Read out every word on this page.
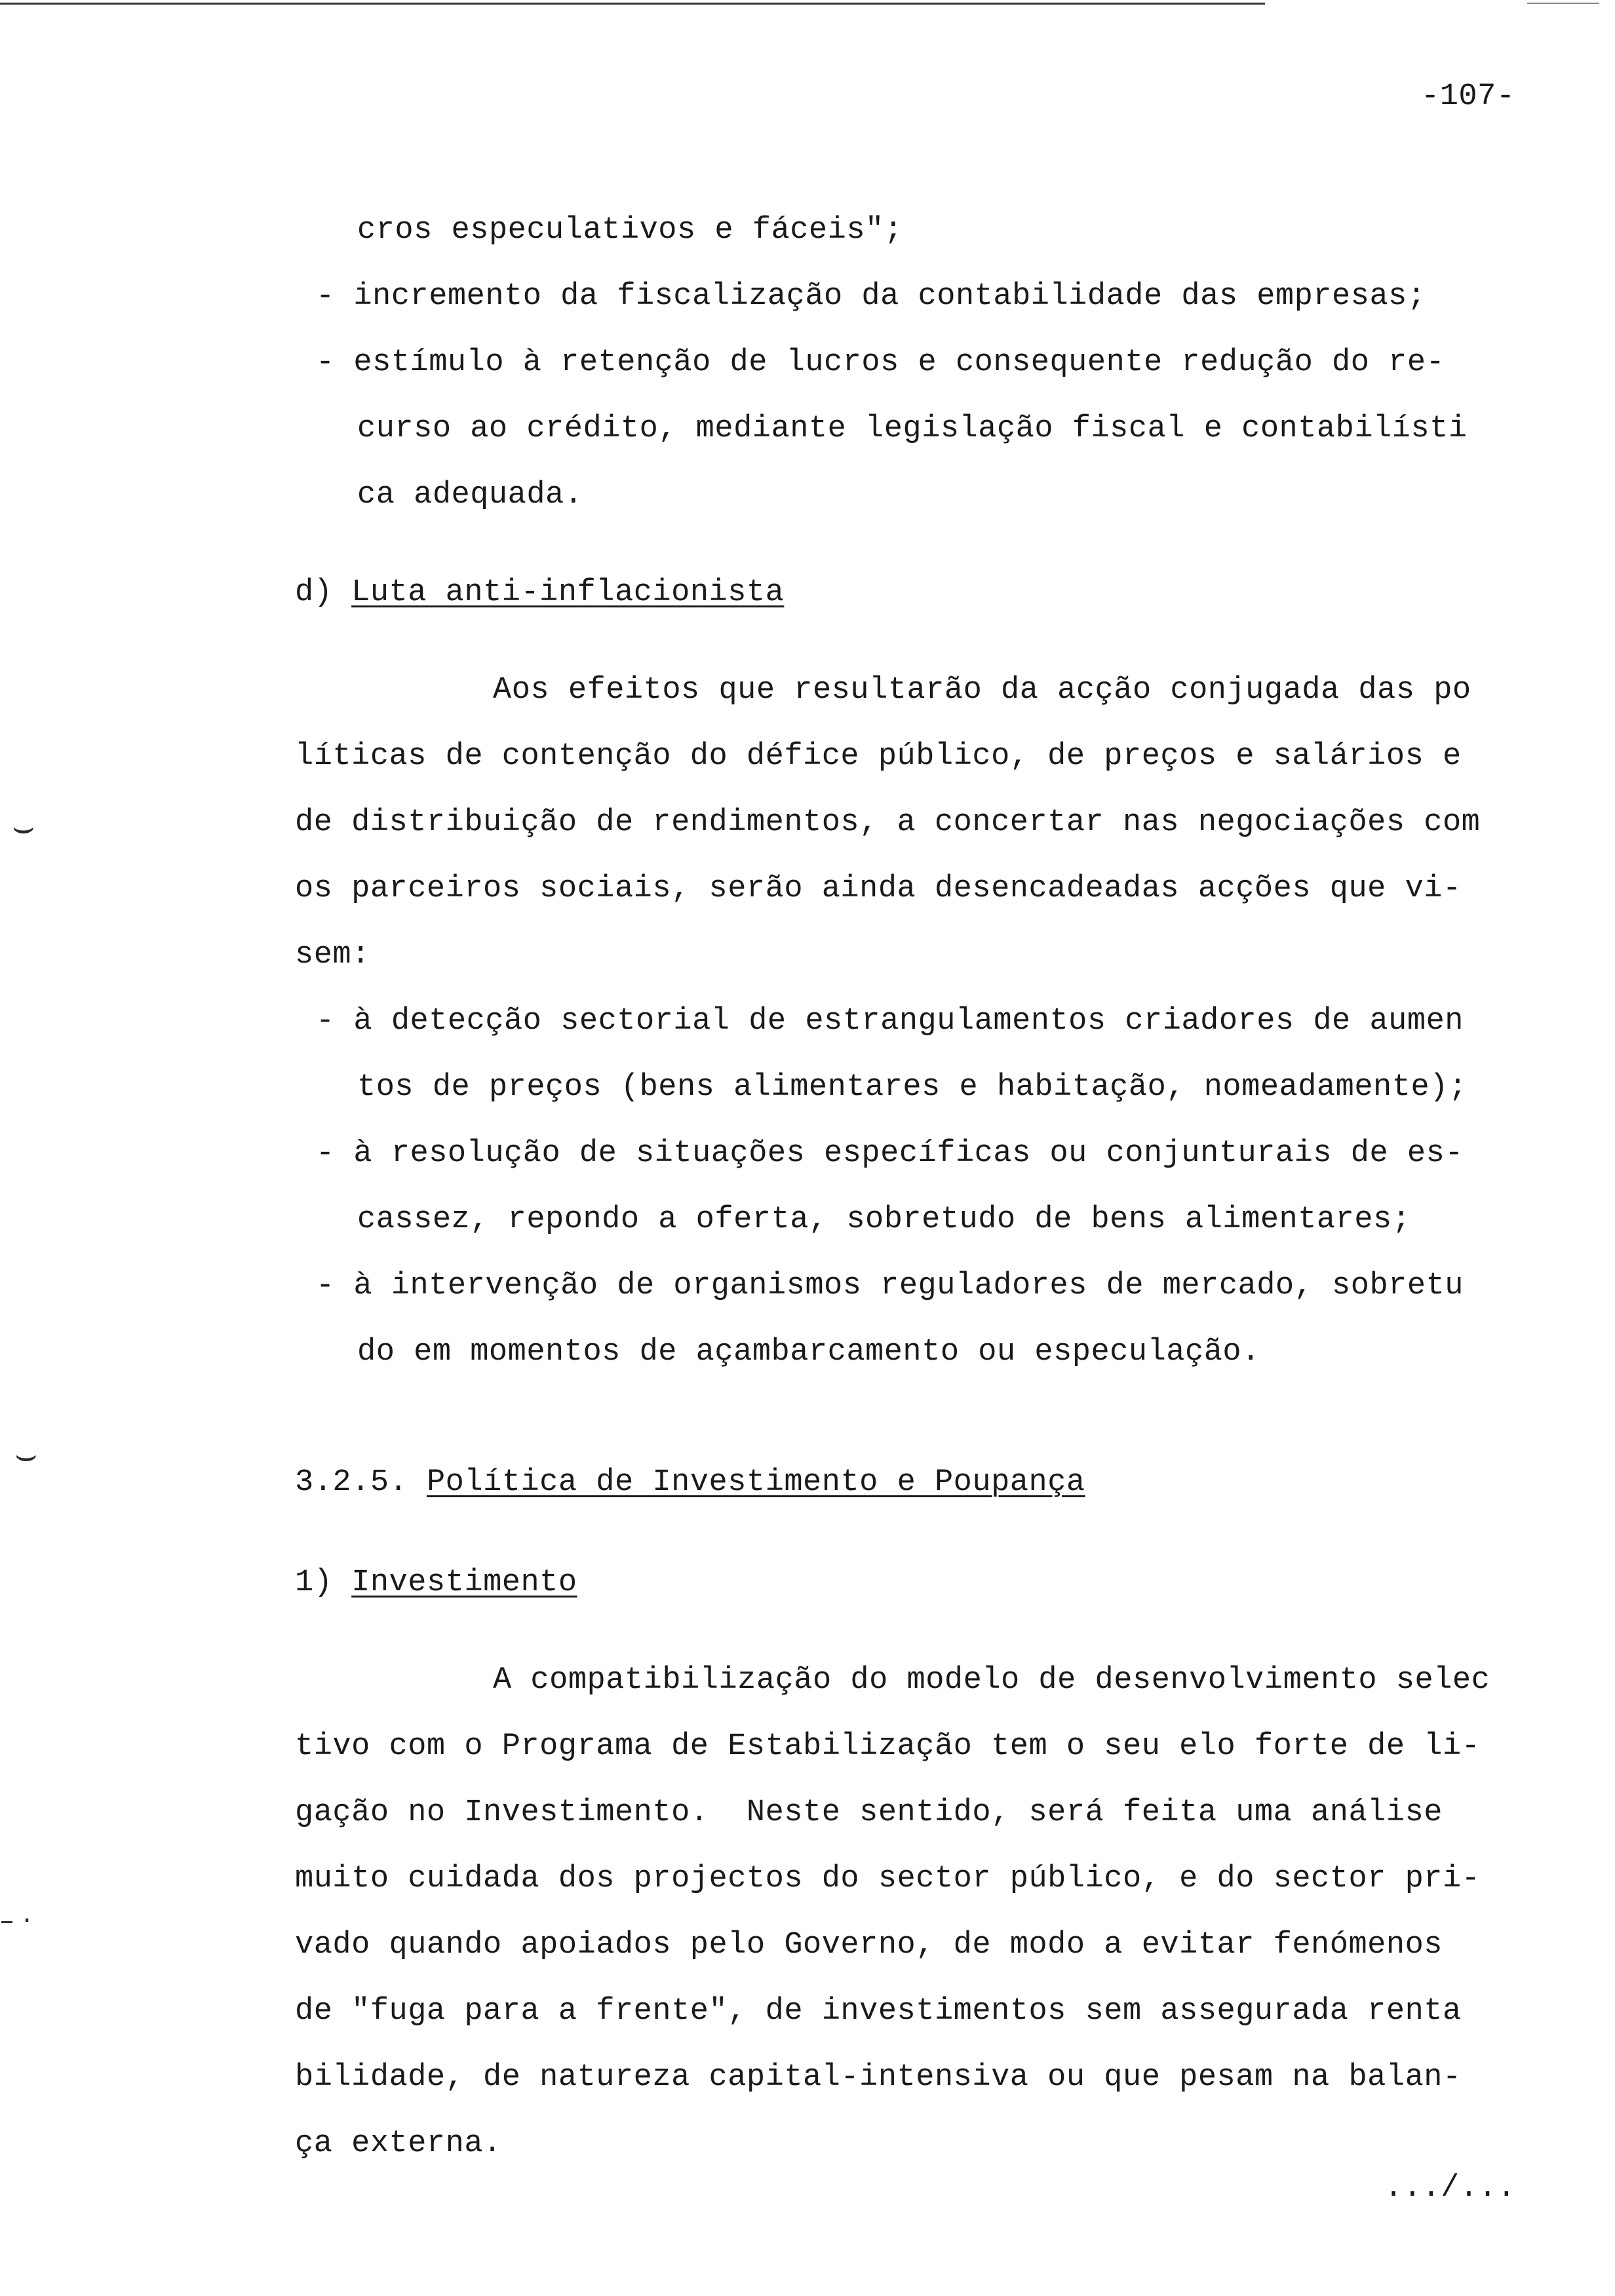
-107-
cros especulativos e fáceis";
- incremento da fiscalização da contabilidade das empresas;
- estímulo à retenção de lucros e consequente redução do re-
curso ao crédito, mediante legislação fiscal e contabilísti
ca adequada.
d) Luta anti-inflacionista
Aos efeitos que resultarão da acção conjugada das po
líticas de contenção do défice público, de preços e salários e
de distribuição de rendimentos, a concertar nas negociações com
os parceiros sociais, serão ainda desencadeadas acções que vi-
sem:
- à detecção sectorial de estrangulamentos criadores de aumen
tos de preços (bens alimentares e habitação, nomeadamente);
- à resolução de situações específicas ou conjunturais de es-
cassez, repondo a oferta, sobretudo de bens alimentares;
- à intervenção de organismos reguladores de mercado, sobretu
do em momentos de açambarcamento ou especulação.
3.2.5. Política de Investimento e Poupança
1) Investimento
A compatibilização do modelo de desenvolvimento selec
tivo com o Programa de Estabilização tem o seu elo forte de li-
gação no Investimento.  Neste sentido, será feita uma análise
muito cuidada dos projectos do sector público, e do sector pri-
vado quando apoiados pelo Governo, de modo a evitar fenómenos
de "fuga para a frente", de investimentos sem assegurada renta
bilidade, de natureza capital-intensiva ou que pesam na balan-
ça externa.
.../...
⌣
⌣
– ·
